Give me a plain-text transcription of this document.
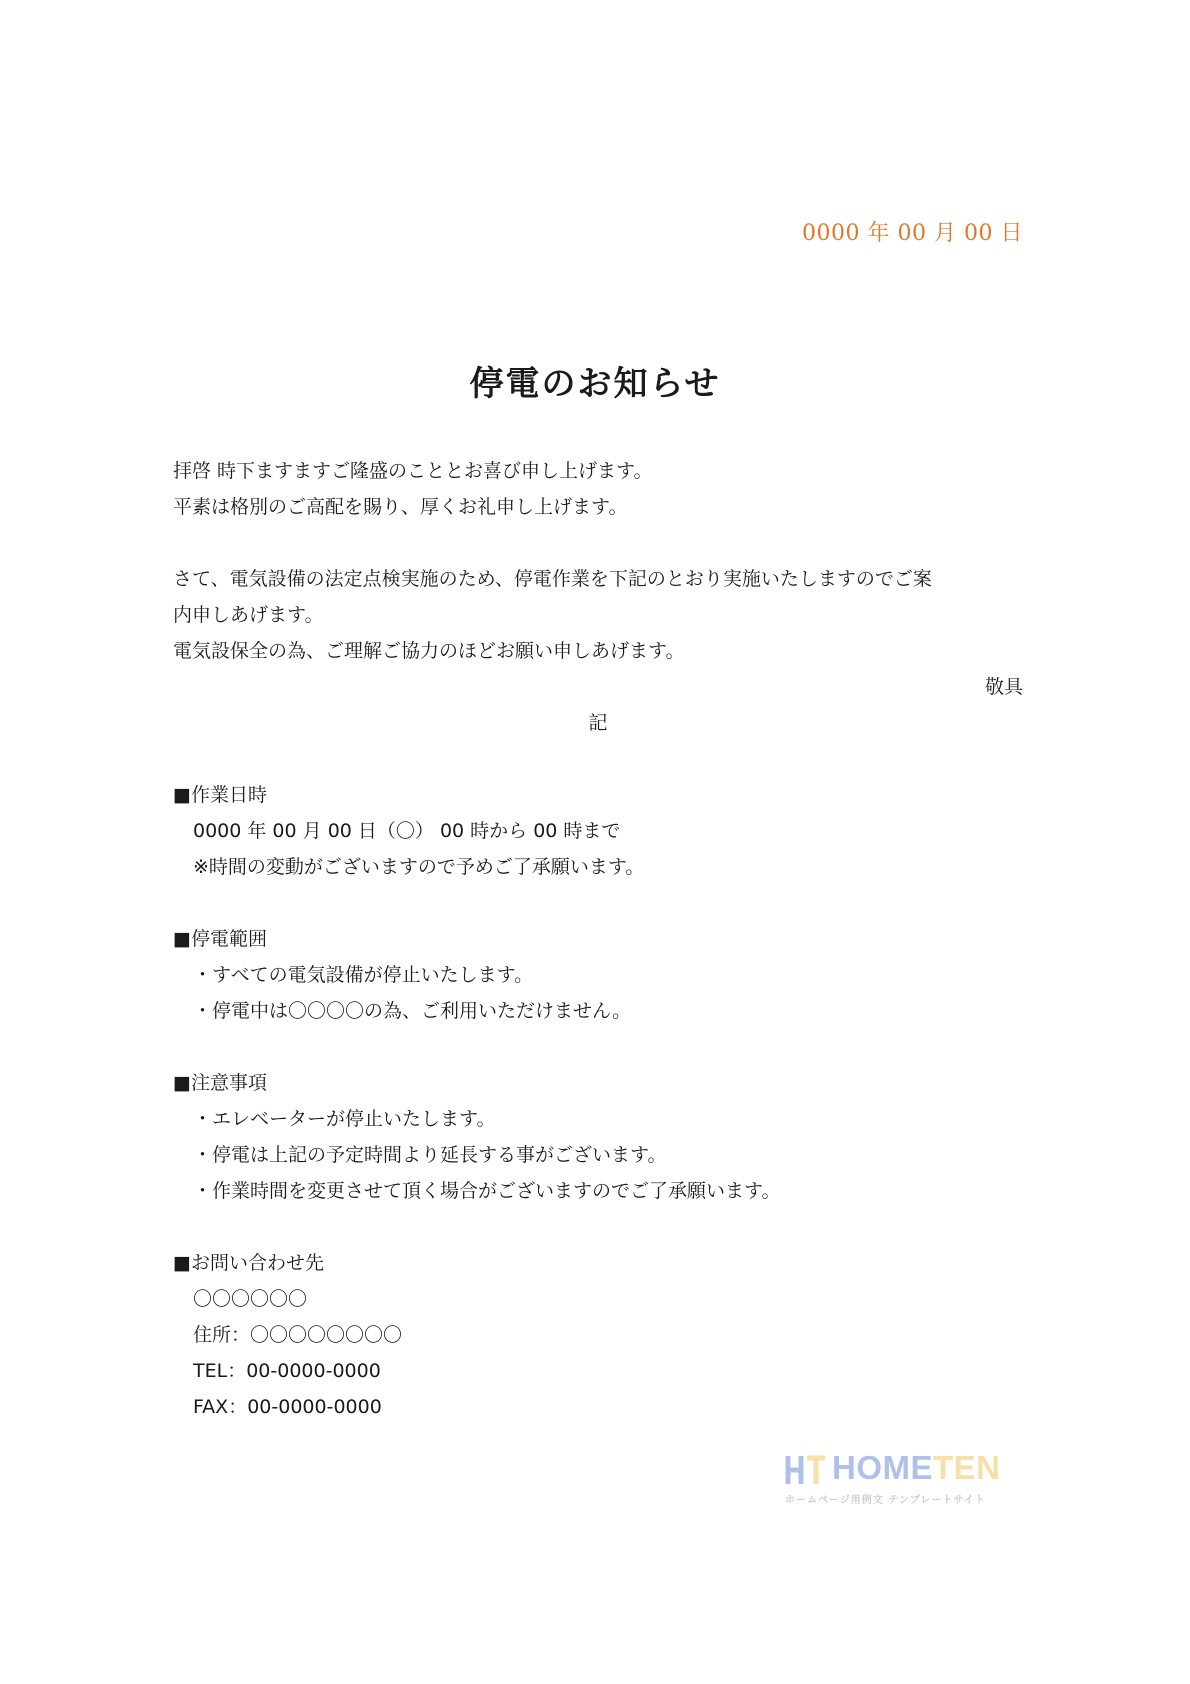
0000 年 00 月 00 日
停電のお知らせ
拝啓 時下ますますご隆盛のこととお喜び申し上げます。
平素は格別のご高配を賜り、厚くお礼申し上げます。
さて、電気設備の法定点検実施のため、停電作業を下記のとおり実施いたしますのでご案
内申しあげます。
電気設保全の為、ご理解ご協力のほどお願い申しあげます。
敬具
記
■作業日時
0000 年 00 月 00 日（〇） 00 時から 00 時まで
※時間の変動がございますので予めご了承願います。
■停電範囲
・すべての電気設備が停止いたします。
・停電中は〇〇〇〇の為、ご利用いただけません。
■注意事項
・エレベーターが停止いたします。
・停電は上記の予定時間より延長する事がございます。
・作業時間を変更させて頂く場合がございますのでご了承願います。
■お問い合わせ先
〇〇〇〇〇〇
住所：〇〇〇〇〇〇〇〇
TEL：00-0000-0000
FAX：00-0000-0000
HOMETEN
ホームページ用例文 テンプレートサイト
